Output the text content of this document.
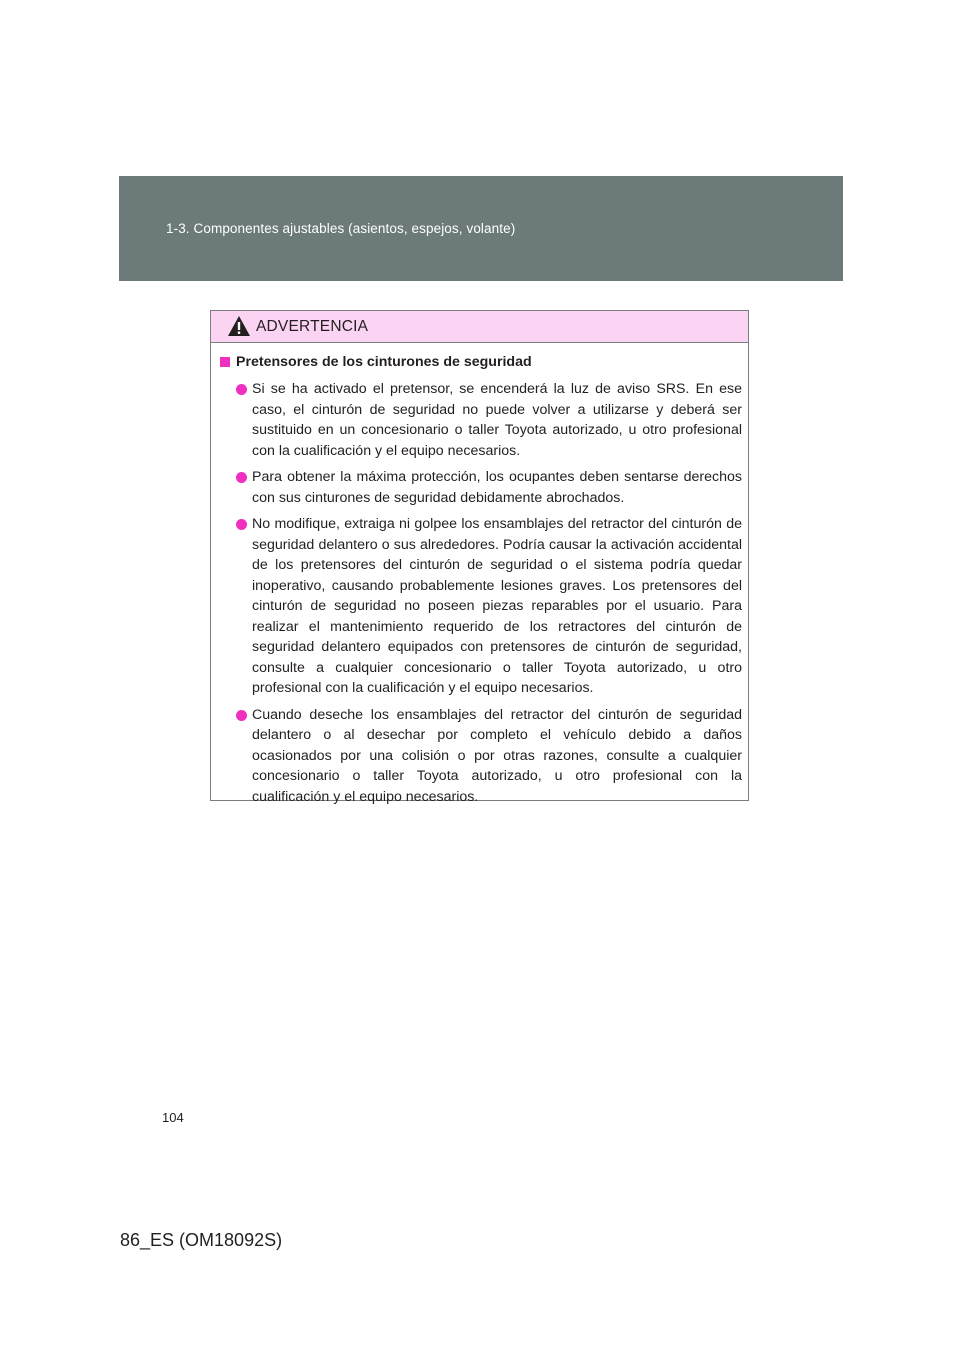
1-3. Componentes ajustables (asientos, espejos, volante)
ADVERTENCIA
Pretensores de los cinturones de seguridad
Si se ha activado el pretensor, se encenderá la luz de aviso SRS. En ese caso, el cinturón de seguridad no puede volver a utilizarse y deberá ser sustituido en un concesionario o taller Toyota autorizado, u otro profesional con la cualificación y el equipo necesarios.
Para obtener la máxima protección, los ocupantes deben sentarse derechos con sus cinturones de seguridad debidamente abrochados.
No modifique, extraiga ni golpee los ensamblajes del retractor del cinturón de seguridad delantero o sus alrededores. Podría causar la activación accidental de los pretensores del cinturón de seguridad o el sistema podría quedar inoperativo, causando probablemente lesiones graves. Los pretensores del cinturón de seguridad no poseen piezas reparables por el usuario. Para realizar el mantenimiento requerido de los retractores del cinturón de seguridad delantero equipados con pretensores de cinturón de seguridad, consulte a cualquier concesionario o taller Toyota autorizado, u otro profesional con la cualificación y el equipo necesarios.
Cuando deseche los ensamblajes del retractor del cinturón de seguridad delantero o al desechar por completo el vehículo debido a daños ocasionados por una colisión o por otras razones, consulte a cualquier concesionario o taller Toyota autorizado, u otro profesional con la cualificación y el equipo necesarios.
104
86_ES (OM18092S)
